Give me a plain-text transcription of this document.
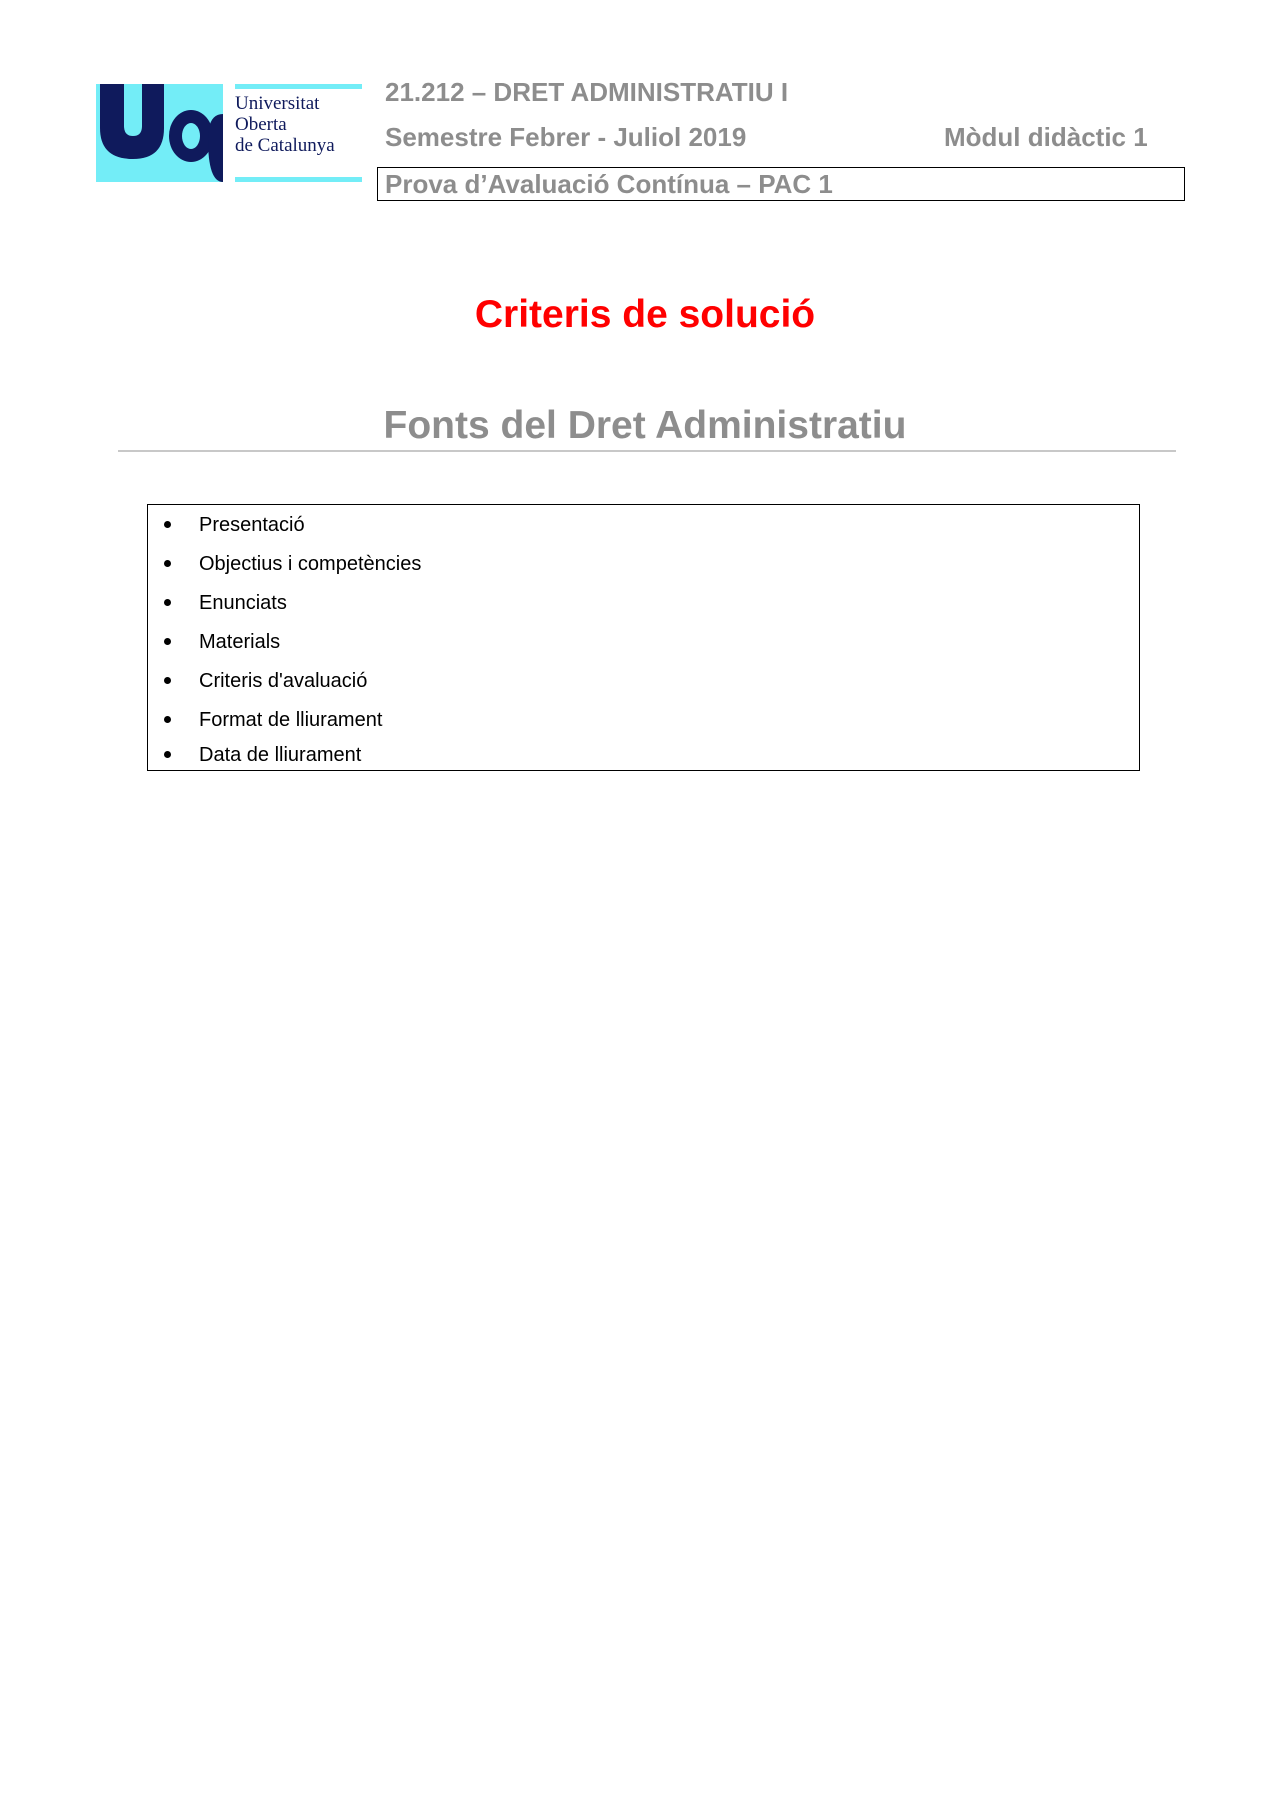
Universitat
Oberta
de Catalunya
21.212 – DRET ADMINISTRATIU I
Semestre Febrer - Juliol 2019	Mòdul didàctic 1
Prova d’Avaluació Contínua – PAC 1
Criteris de solució
Fonts del Dret Administratiu
Presentació
Objectius i competències
Enunciats
Materials
Criteris d'avaluació
Format de lliurament
Data de lliurament
